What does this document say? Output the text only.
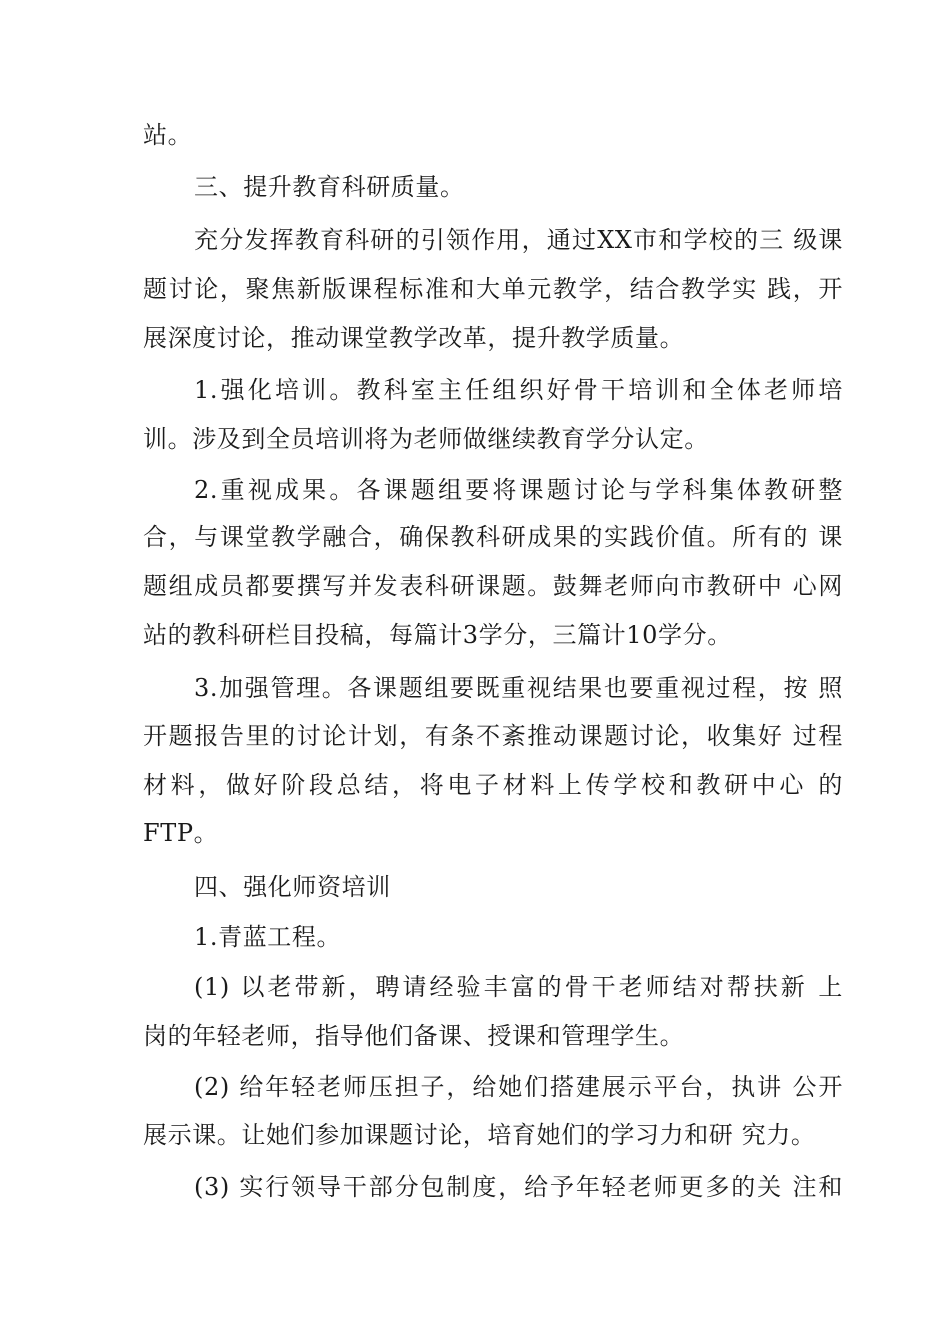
站。
三、提升教育科研质量。
充分发挥教育科研的引领作用，通过XX市和学校的三 级课
题讨论，聚焦新版课程标准和大单元教学，结合教学实 践，开
展深度讨论，推动课堂教学改革，提升教学质量。
1.强化培训。教科室主任组织好骨干培训和全体老师培
训。涉及到全员培训将为老师做继续教育学分认定。
2.重视成果。各课题组要将课题讨论与学科集体教研整
合，与课堂教学融合，确保教科研成果的实践价值。所有的 课
题组成员都要撰写并发表科研课题。鼓舞老师向市教研中 心网
站的教科研栏目投稿，每篇计3学分，三篇计10学分。
3.加强管理。各课题组要既重视结果也要重视过程，按 照
开题报告里的讨论计划，有条不紊推动课题讨论，收集好 过程
材料，做好阶段总结，将电子材料上传学校和教研中心 的
FTP。
四、强化师资培训
1.青蓝工程。
(1) 以老带新，聘请经验丰富的骨干老师结对帮扶新 上
岗的年轻老师，指导他们备课、授课和管理学生。
(2) 给年轻老师压担子，给她们搭建展示平台，执讲 公开
展示课。让她们参加课题讨论，培育她们的学习力和研 究力。
(3) 实行领导干部分包制度，给予年轻老师更多的关 注和
